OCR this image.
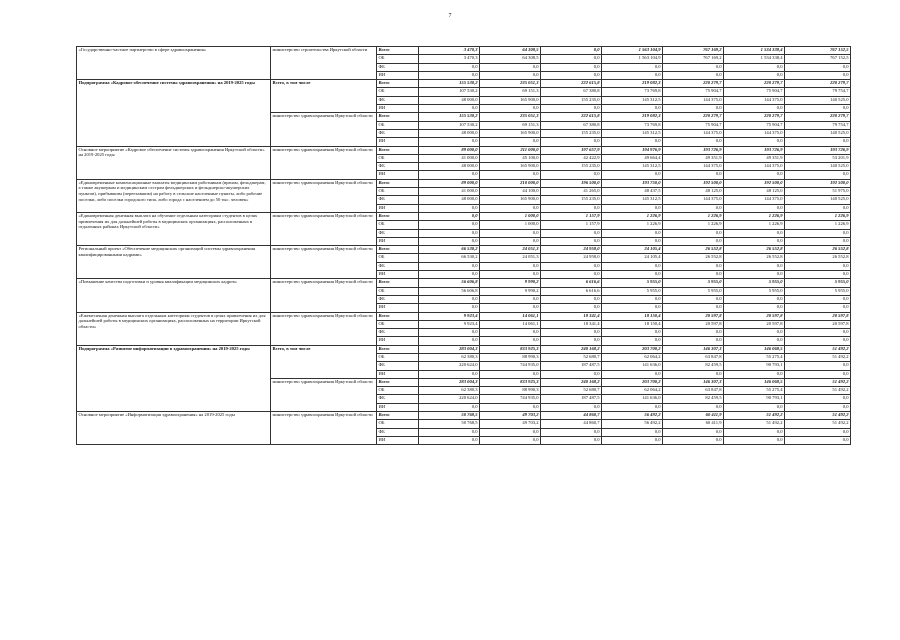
7
«Государственно-частное партнерство в сфере здравоохранения»	министерство строительства Иркутской области	Всего	3 470,3	64 308,5	0,0	1 563 104,9	767 169,2	1 534 338,4	767 152,5
		ОБ	3 470,3	64 308,5	0,0	1 563 104,9	767 169,2	1 534 338,4	767 152,5
		ФБ	0,0	0,0	0,0	0,0	0,0	0,0	0,0
		ИИ	0,0	0,0	0,0	0,0	0,0	0,0	0,0
Подпрограмма «Кадровое обеспечение системы здравоохранения» на 2019-2025 годы	Всего, в том числе	Всего	155 530,2	235 051,3	222 615,8	219 082,3	220 279,7	220 279,7	220 279,7
		ОБ	107 530,2	69 151,3	67 380,8	73 769,8	75 904,7	75 904,7	79 754,7
		ФБ	48 000,0	165 900,0	155 235,0	145 312,5	144 375,0	144 375,0	140 525,0
		ИИ	0,0	0,0	0,0	0,0	0,0	0,0	0,0
	министерство здравоохранения Иркутской области	Всего	155 530,2	235 051,3	222 615,8	219 082,3	220 279,7	220 279,7	220 279,7
		ОБ	107 530,2	69 151,3	67 380,8	73 769,8	75 904,7	75 904,7	79 754,7
		ФБ	48 000,0	165 900,0	155 235,0	145 312,5	144 375,0	144 375,0	140 525,0
		ИИ	0,0	0,0	0,0	0,0	0,0	0,0	0,0
Основное мероприятие «Кадровое обеспечение системы здравоохранения Иркутской области» на 2019-2025 годы	министерство здравоохранения Иркутской области	Всего	89 000,0	211 000,0	197 657,9	194 976,9	193 726,9	193 726,9	193 726,9
		ОБ	41 000,0	45 100,0	42 422,9	49 664,4	49 351,9	49 351,9	53 201,9
		ФБ	48 000,0	165 900,0	155 235,0	145 312,5	144 375,0	144 375,0	140 525,0
		ИИ	0,0	0,0	0,0	0,0	0,0	0,0	0,0
«Единовременные компенсационные выплаты медицинским работникам (врачам, фельдшерам, а также акушеркам и медицинским сестрам фельдшерских и фельдшерско-акушерских пунктов), прибывшим (переехавшим) на работу в сельские населенные пункты, либо рабочие поселки, либо поселки городского типа, либо города с населением до 50 тыс. человек»	министерство здравоохранения Иркутской области	Всего	89 000,0	210 000,0	196 500,0	193 750,0	192 500,0	192 500,0	192 500,0
		ОБ	41 000,0	44 100,0	41 265,0	48 437,5	48 125,0	48 125,0	51 975,0
		ФБ	48 000,0	165 900,0	155 235,0	145 312,5	144 375,0	144 375,0	140 525,0
		ИИ	0,0	0,0	0,0	0,0	0,0	0,0	0,0
«Единовременная денежная выплата на обучение отдельным категориям студентов в целях привлечения их для дальнейшей работы в медицинских организациях, расположенных в отдаленных районах Иркутской области»	министерство здравоохранения Иркутской области	Всего	0,0	1 000,0	1 157,9	1 226,9	1 226,9	1 226,9	1 226,9
		ОБ	0,0	1 000,0	1 157,9	1 226,9	1 226,9	1 226,9	1 226,9
		ФБ	0,0	0,0	0,0	0,0	0,0	0,0	0,0
		ИИ	0,0	0,0	0,0	0,0	0,0	0,0	0,0
Региональный проект «Обеспечение медицинских организаций системы здравоохранения квалифицированными кадрами»	министерство здравоохранения Иркутской области	Всего	66 530,2	24 051,3	24 958,0	24 105,4	26 552,8	26 552,8	26 552,8
		ОБ	66 530,2	24 051,3	24 958,0	24 105,4	26 552,8	26 552,8	26 552,8
		ФБ	0,0	0,0	0,0	0,0	0,0	0,0	0,0
		ИИ	0,0	0,0	0,0	0,0	0,0	0,0	0,0
«Повышение качества подготовки и уровня квалификации медицинских кадров»	министерство здравоохранения Иркутской области	Всего	56 606,8	9 990,2	6 616,6	5 955,0	5 955,0	5 955,0	5 955,0
		ОБ	56 606,8	9 990,2	6 616,6	5 955,0	5 955,0	5 955,0	5 955,0
		ФБ	0,0	0,0	0,0	0,0	0,0	0,0	0,0
		ИИ	0,0	0,0	0,0	0,0	0,0	0,0	0,0
«Ежемесячная денежная выплата отдельным категориям студентов в целях привлечения их для дальнейшей работы в медицинских организациях, расположенных на территории Иркутской области»	министерство здравоохранения Иркутской области	Всего	9 923,4	14 061,1	18 341,4	18 150,4	20 597,8	20 597,8	20 597,8
		ОБ	9 923,4	14 061,1	18 341,4	18 150,4	20 597,8	20 597,8	20 597,8
		ФБ	0,0	0,0	0,0	0,0	0,0	0,0	0,0
		ИИ	0,0	0,0	0,0	0,0	0,0	0,0	0,0
Подпрограмма «Развитие информатизации в здравоохранении» на 2019-2025 годы	Всего, в том числе	Всего	283 004,3	833 925,3	240 168,2	203 700,2	146 307,3	146 068,5	51 492,2
		ОБ	62 380,3	88 990,3	52 680,7	62 064,2	63 847,8	55 275,4	51 492,2
		ФБ	220 624,0	744 935,0	187 487,5	141 636,0	82 459,5	90 793,1	0,0
		ИИ	0,0	0,0	0,0	0,0	0,0	0,0	0,0
	министерство здравоохранения Иркутской области	Всего	283 004,3	833 925,3	240 168,2	203 700,2	146 307,3	146 068,5	51 492,2
		ОБ	62 380,3	88 990,3	52 680,7	62 064,2	63 847,8	55 275,4	51 492,2
		ФБ	220 624,0	744 935,0	187 487,5	141 636,0	82 459,5	90 793,1	0,0
		ИИ	0,0	0,0	0,0	0,0	0,0	0,0	0,0
Основное мероприятие «Информатизация здравоохранения» на 2019-2025 годы	министерство здравоохранения Иркутской области	Всего	50 768,5	49 703,2	44 860,7	56 492,2	60 411,9	51 492,2	51 492,2
		ОБ	50 768,5	49 703,2	44 860,7	56 492,2	60 411,9	51 492,2	51 492,2
		ФБ	0,0	0,0	0,0	0,0	0,0	0,0	0,0
		ИИ	0,0	0,0	0,0	0,0	0,0	0,0	0,0
